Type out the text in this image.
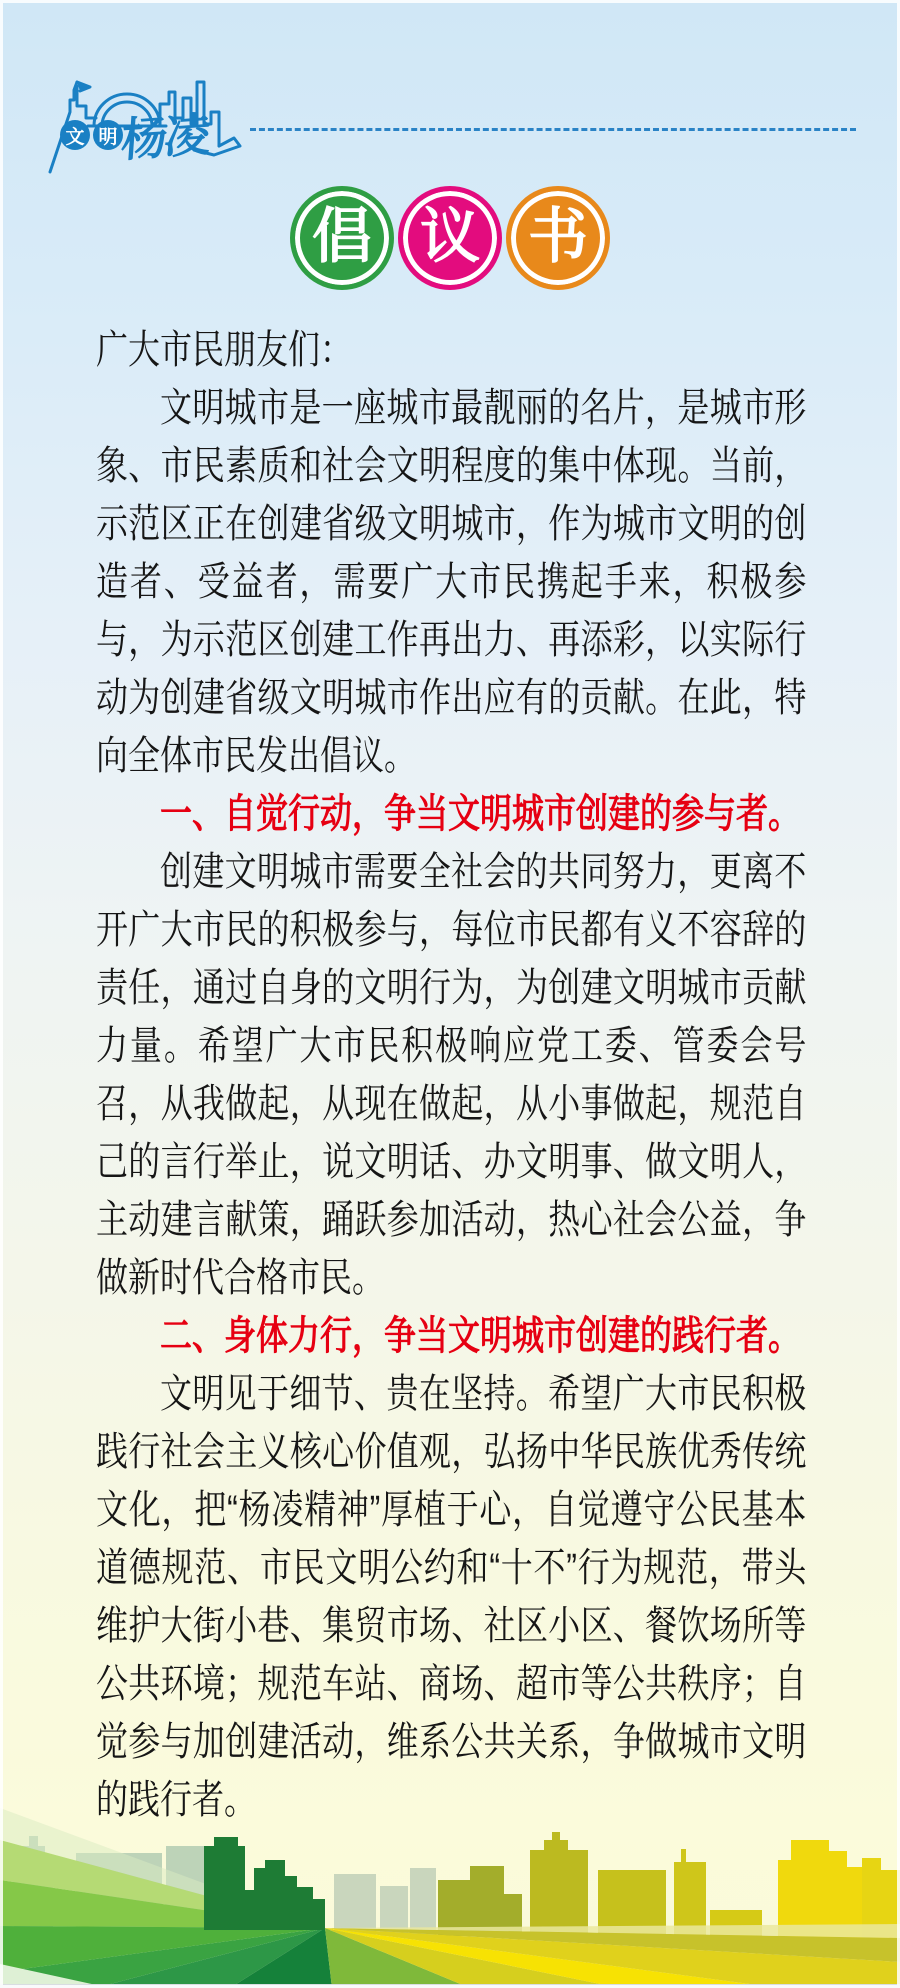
文 明 杨凌
倡 议 书

广大市民朋友们：

文明城市是一座城市最靓丽的名片，是城市形象、市民素质和社会文明程度的集中体现。当前，示范区正在创建省级文明城市，作为城市文明的创造者、受益者，需要广大市民携起手来，积极参与，为示范区创建工作再出力、再添彩，以实际行动为创建省级文明城市作出应有的贡献。在此，特向全体市民发出倡议。

一、自觉行动，争当文明城市创建的参与者。

创建文明城市需要全社会的共同努力，更离不开广大市民的积极参与，每位市民都有义不容辞的责任，通过自身的文明行为，为创建文明城市贡献力量。希望广大市民积极响应党工委、管委会号召，从我做起，从现在做起，从小事做起，规范自己的言行举止，说文明话、办文明事、做文明人，主动建言献策，踊跃参加活动，热心社会公益，争做新时代合格市民。

二、身体力行，争当文明城市创建的践行者。

文明见于细节、贵在坚持。希望广大市民积极践行社会主义核心价值观，弘扬中华民族优秀传统文化，把“杨凌精神”厚植于心，自觉遵守公民基本道德规范、市民文明公约和“十不”行为规范，带头维护大街小巷、集贸市场、社区小区、餐饮场所等公共环境；规范车站、商场、超市等公共秩序；自觉参与加创建活动，维系公共关系，争做城市文明的践行者。
